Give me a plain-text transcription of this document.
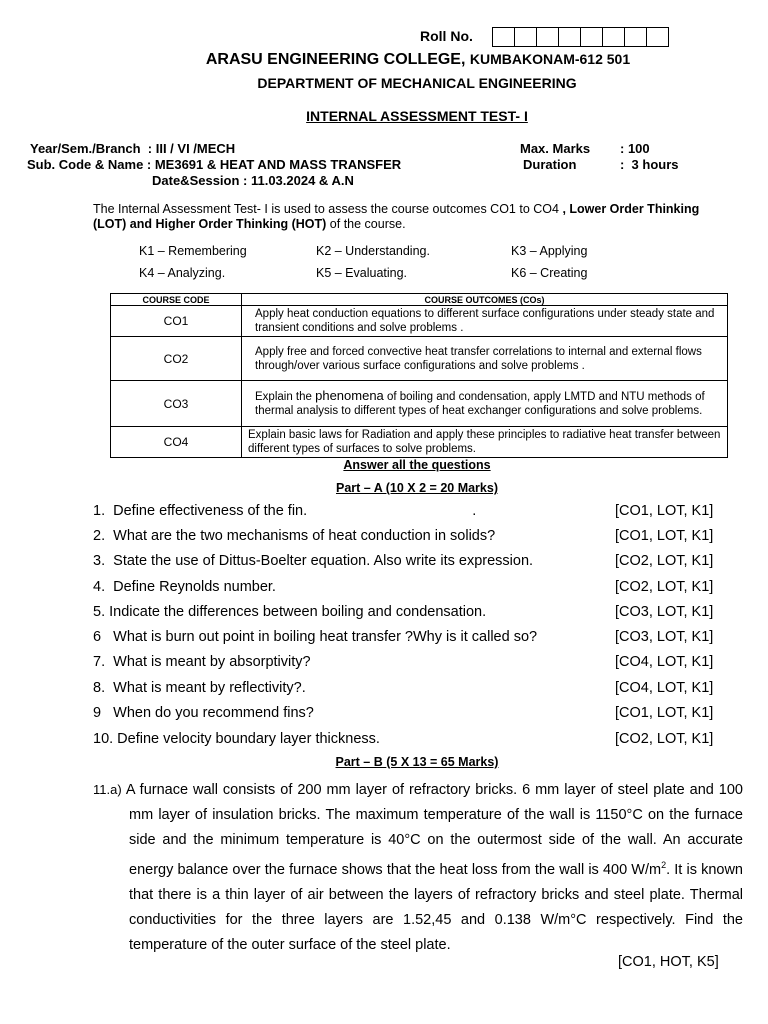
Roll No.
ARASU ENGINEERING COLLEGE, KUMBAKONAM-612 501
DEPARTMENT OF MECHANICAL ENGINEERING
INTERNAL ASSESSMENT TEST- I
Year/Sem./Branch  : III / VI /MECH
Sub. Code & Name : ME3691 & HEAT AND MASS TRANSFER
Date&Session : 11.03.2024 & A.N
Max. Marks : 100
Duration	:  3 hours
The Internal Assessment Test- I is used to assess the course outcomes CO1 to CO4 , Lower Order Thinking (LOT) and Higher Order Thinking (HOT) of the course.
K1 – Remembering	K2 – Understanding.	K3 – Applying
K4 – Analyzing.	K5 – Evaluating.	K6 – Creating
COURSE CODE	COURSE OUTCOMES (COs)
CO1	Apply heat conduction equations to different surface configurations under steady state and transient conditions and solve problems .
CO2	Apply free and forced convective heat transfer correlations to internal and external flows through/over various surface configurations and solve problems .
CO3	Explain the phenomena of boiling and condensation, apply LMTD and NTU methods of thermal analysis to different types of heat exchanger configurations and solve problems.
CO4	Explain basic laws for Radiation and apply these principles to radiative heat transfer between different types of surfaces to solve problems.
Answer all the questions
Part – A (10 X 2 = 20 Marks)
1.  Define effectiveness of the fin.                                         .	[CO1, LOT, K1]
2.  What are the two mechanisms of heat conduction in solids?	[CO1, LOT, K1]
3.  State the use of Dittus-Boelter equation. Also write its expression.	[CO2, LOT, K1]
4.  Define Reynolds number.	[CO2, LOT, K1]
5. Indicate the differences between boiling and condensation.	[CO3, LOT, K1]
6   What is burn out point in boiling heat transfer ?Why is it called so?	[CO3, LOT, K1]
7.  What is meant by absorptivity?	[CO4, LOT, K1]
8.  What is meant by reflectivity?.	[CO4, LOT, K1]
9   When do you recommend fins?	[CO1, LOT, K1]
10. Define velocity boundary layer thickness.	[CO2, LOT, K1]
Part – B (5 X 13 = 65 Marks)
11.a) A furnace wall consists of 200 mm layer of refractory bricks. 6 mm layer of steel plate and 100 mm layer of insulation bricks. The maximum temperature of the wall is 1150°C on the furnace side and the minimum temperature is 40°C on the outermost side of the wall. An accurate energy balance over the furnace shows that the heat loss from the wall is 400 $W/m^2$. It is known that there is a thin layer of air between the layers of refractory bricks and steel plate. Thermal conductivities for the three layers are 1.52,45 and 0.138 W/m°C respectively. Find the temperature of the outer surface of the steel plate.
[CO1, HOT, K5]
